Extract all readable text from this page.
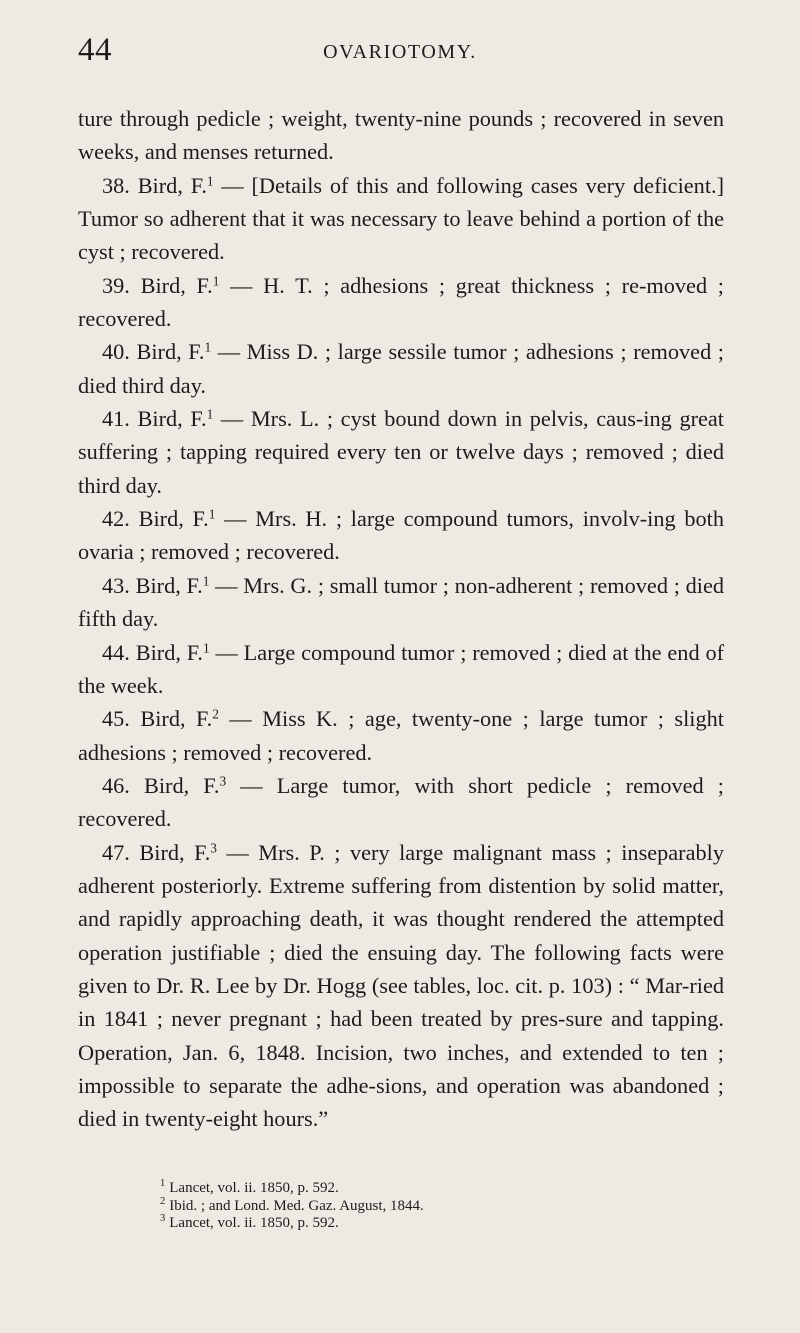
44	OVARIOTOMY.

ture through pedicle ; weight, twenty-nine pounds ; recovered in seven weeks, and menses returned.

38. Bird, F.$^1$ — [Details of this and following cases very deficient.] Tumor so adherent that it was necessary to leave behind a portion of the cyst ; recovered.

39. Bird, F.$^1$ — H. T. ; adhesions ; great thickness ; re-moved ; recovered.

40. Bird, F.$^1$ — Miss D. ; large sessile tumor ; adhesions ; removed ; died third day.

41. Bird, F.$^1$ — Mrs. L. ; cyst bound down in pelvis, caus-ing great suffering ; tapping required every ten or twelve days ; removed ; died third day.

42. Bird, F.$^1$ — Mrs. H. ; large compound tumors, involv-ing both ovaria ; removed ; recovered.

43. Bird, F.$^1$ — Mrs. G. ; small tumor ; non-adherent ; removed ; died fifth day.

44. Bird, F.$^1$ — Large compound tumor ; removed ; died at the end of the week.

45. Bird, F.$^2$ — Miss K. ; age, twenty-one ; large tumor ; slight adhesions ; removed ; recovered.

46. Bird, F.$^3$ — Large tumor, with short pedicle ; removed ; recovered.

47. Bird, F.$^3$ — Mrs. P. ; very large malignant mass ; inseparably adherent posteriorly. Extreme suffering from distention by solid matter, and rapidly approaching death, it was thought rendered the attempted operation justifiable ; died the ensuing day. The following facts were given to Dr. R. Lee by Dr. Hogg (see tables, loc. cit. p. 103) : “ Mar-ried in 1841 ; never pregnant ; had been treated by pres-sure and tapping. Operation, Jan. 6, 1848. Incision, two inches, and extended to ten ; impossible to separate the adhe-sions, and operation was abandoned ; died in twenty-eight hours.”

$^1$ Lancet, vol. ii. 1850, p. 592.

$^2$ Ibid. ; and Lond. Med. Gaz. August, 1844.

$^3$ Lancet, vol. ii. 1850, p. 592.
